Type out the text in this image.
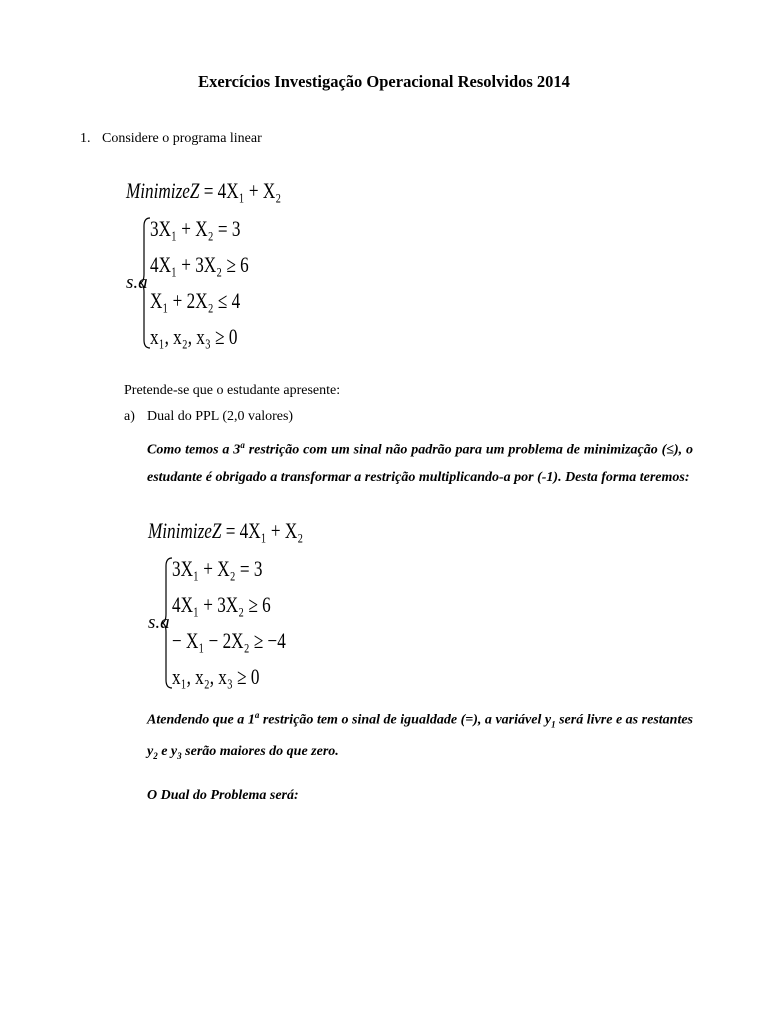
Exercícios Investigação Operacional Resolvidos 2014
1. Considere o programa linear
MinimizeZ = 4X₁ + X₂
s.a
3X₁ + X₂ = 3
4X₁ + 3X₂ ≥ 6
X₁ + 2X₂ ≤ 4
x₁, x₂, x₃ ≥ 0
Pretende-se que o estudante apresente:
a) Dual do PPL (2,0 valores)
Como temos a 3$^a$ restrição com um sinal não padrão para um problema de minimização (≤), o estudante é obrigado a transformar a restrição multiplicando-a por (-1). Desta forma teremos:
MinimizeZ = 4X₁ + X₂
s.a
3X₁ + X₂ = 3
4X₁ + 3X₂ ≥ 6
− X₁ − 2X₂ ≥ −4
x₁, x₂, x₃ ≥ 0
Atendendo que a 1$^a$ restrição tem o sinal de igualdade (=), a variável $y_1$ será livre e as restantes $y_2$ e $y_3$ serão maiores do que zero.
O Dual do Problema será:
